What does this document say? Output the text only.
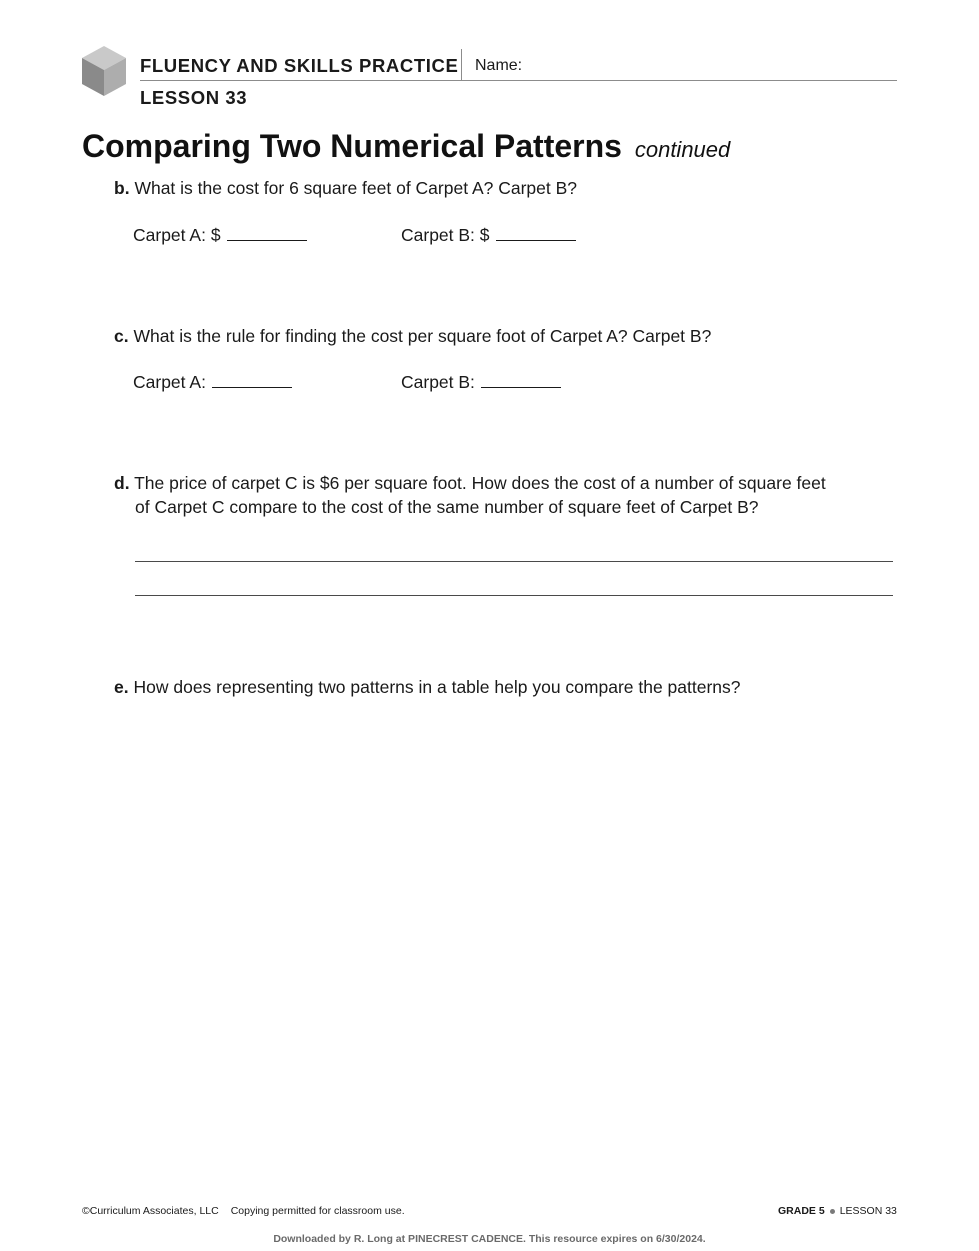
FLUENCY AND SKILLS PRACTICE
LESSON 33
Name:
Comparing Two Numerical Patterns continued
b. What is the cost for 6 square feet of Carpet A? Carpet B?
Carpet A: $	Carpet B: $
c. What is the rule for finding the cost per square foot of Carpet A? Carpet B?
Carpet A:	Carpet B:
d. The price of carpet C is $6 per square foot. How does the cost of a number of square feet
of Carpet C compare to the cost of the same number of square feet of Carpet B?
e. How does representing two patterns in a table help you compare the patterns?
©Curriculum Associates, LLC Copying permitted for classroom use.	GRADE 5 LESSON 33
Downloaded by R. Long at PINECREST CADENCE. This resource expires on 6/30/2024.
